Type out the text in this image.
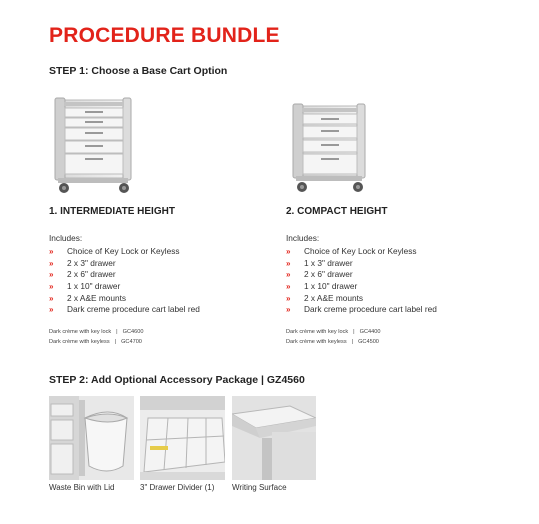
PROCEDURE BUNDLE
STEP 1: Choose a Base Cart Option
1. INTERMEDIATE HEIGHT
Includes:
» Choice of Key Lock or Keyless
» 2 x 3" drawer
» 2 x 6" drawer
» 1 x 10" drawer
» 2 x A&E mounts
» Dark creme procedure cart label red
Dark crème with key lock | GC4600
Dark crème with keyless | GC4700
2. COMPACT HEIGHT
Includes:
» Choice of Key Lock or Keyless
» 1 x 3" drawer
» 2 x 6" drawer
» 1 x 10" drawer
» 2 x A&E mounts
» Dark creme procedure cart label red
Dark crème with key lock | GC4400
Dark crème with keyless | GC4500
STEP 2: Add Optional Accessory Package | GZ4560
Waste Bin with Lid	3" Drawer Divider (1) Writing Surface
